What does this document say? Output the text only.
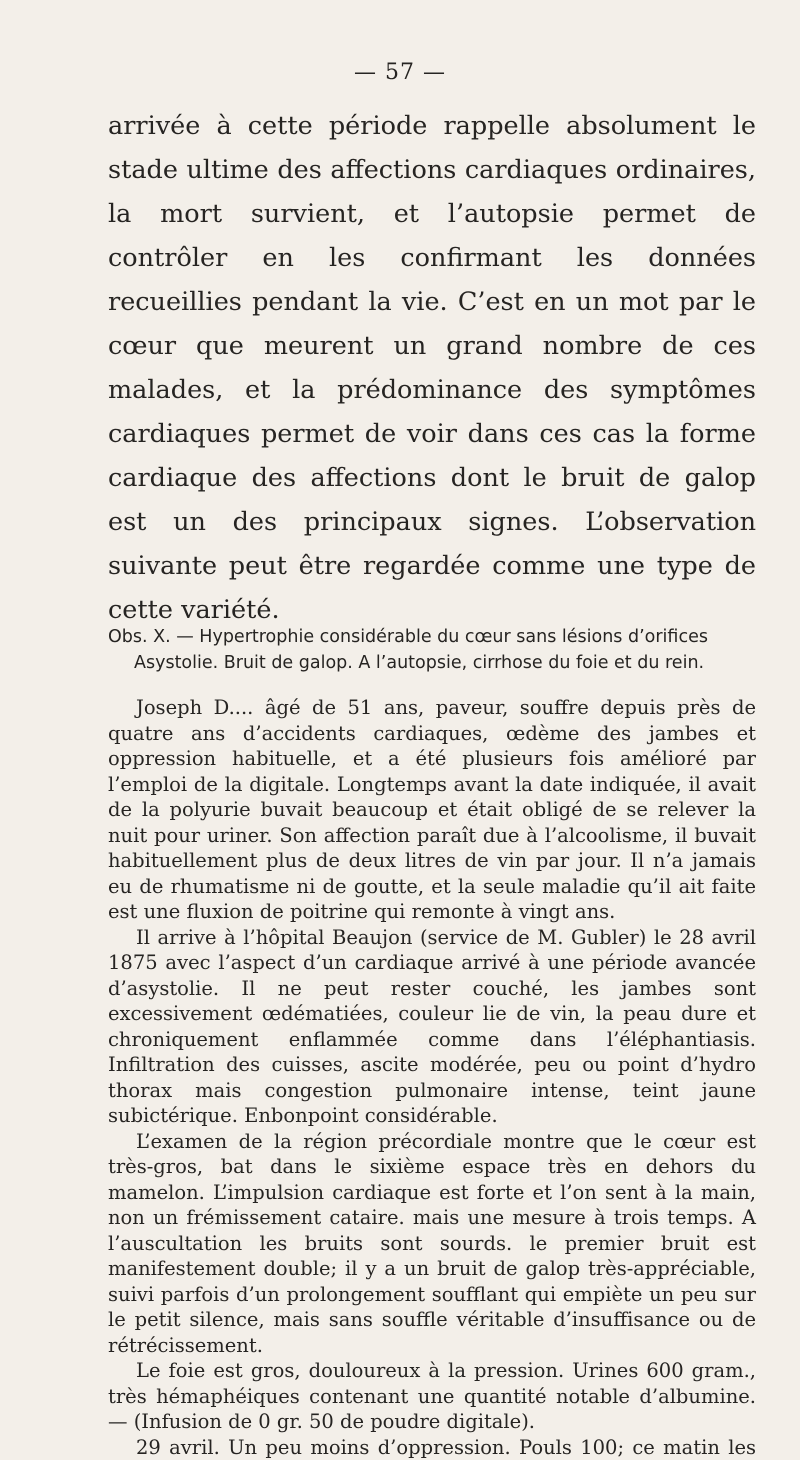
— 57 —

arrivée à cette période rappelle absolument le stade ultime des affections cardiaques ordinaires, la mort survient, et l’autopsie permet de contrôler en les confirmant les données recueillies pendant la vie. C’est en un mot par le cœur que meurent un grand nombre de ces malades, et la prédominance des symptômes cardiaques permet de voir dans ces cas la forme cardiaque des affections dont le bruit de galop est un des principaux signes. L’observation suivante peut être regardée comme une type de cette variété.

Obs. X. — Hypertrophie considérable du cœur sans lésions d’orifices
Asystolie. Bruit de galop. A l’autopsie, cirrhose du foie et du rein.

Joseph D.... âgé de 51 ans, paveur, souffre depuis près de quatre ans d’accidents cardiaques, œdème des jambes et oppression habituelle, et a été plusieurs fois amélioré par l’emploi de la digitale. Longtemps avant la date indiquée, il avait de la polyurie buvait beaucoup et était obligé de se relever la nuit pour uriner. Son affection paraît due à l’alcoolisme, il buvait habituellement plus de deux litres de vin par jour. Il n’a jamais eu de rhumatisme ni de goutte, et la seule maladie qu’il ait faite est une fluxion de poitrine qui remonte à vingt ans.

Il arrive à l’hôpital Beaujon (service de M. Gubler) le 28 avril 1875 avec l’aspect d’un cardiaque arrivé à une période avancée d’asystolie. Il ne peut rester couché, les jambes sont excessivement œdématiées, couleur lie de vin, la peau dure et chroniquement enflammée comme dans l’éléphantiasis. Infiltration des cuisses, ascite modérée, peu ou point d’hydro thorax mais congestion pulmonaire intense, teint jaune subictérique. Enbonpoint considérable.

L’examen de la région précordiale montre que le cœur est très-gros, bat dans le sixième espace très en dehors du mamelon. L’impulsion cardiaque est forte et l’on sent à la main, non un frémissement cataire. mais une mesure à trois temps. A l’auscultation les bruits sont sourds. le premier bruit est manifestement double; il y a un bruit de galop très-appréciable, suivi parfois d’un prolongement soufflant qui empiète un peu sur le petit silence, mais sans souffle véritable d’insuffisance ou de rétrécissement.

Le foie est gros, douloureux à la pression. Urines 600 gram., très hémaphéiques contenant une quantité notable d’albumine. — (Infusion de 0 gr. 50 de poudre digitale).

29 avril. Un peu moins d’oppression. Pouls 100; ce matin les
